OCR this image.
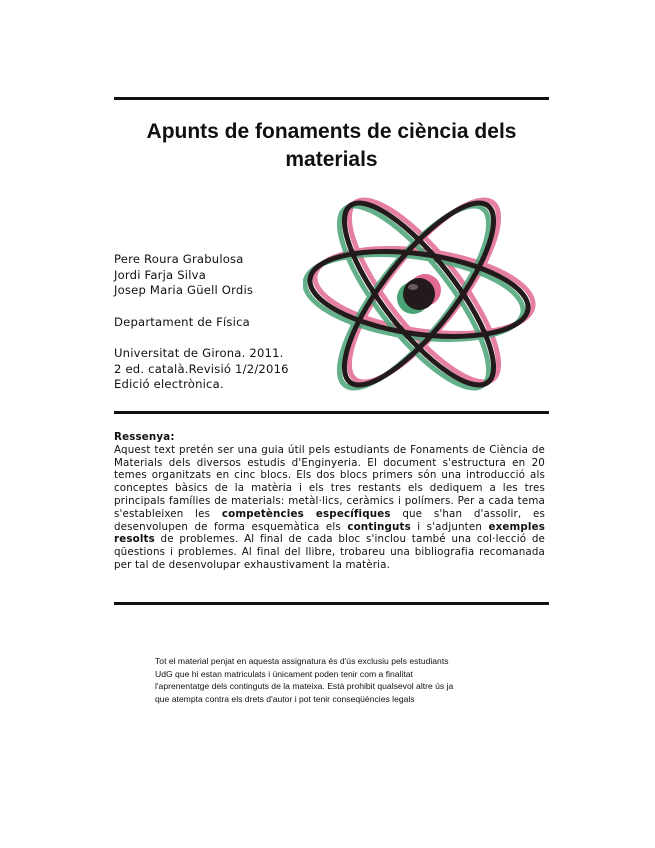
Apunts de fonaments de ciència dels materials
Pere Roura Grabulosa
Jordi Farja Silva
Josep Maria Güell Ordis
Departament de Física
Universitat de Girona. 2011.
2 ed. català.Revisió 1/2/2016
Edició electrònica.
Ressenya:
Aquest text pretén ser una guia útil pels estudiants de Fonaments de Ciència de Materials dels diversos estudis d'Enginyeria. El document s'estructura en 20 temes organitzats en cinc blocs. Els dos blocs primers són una introducció als conceptes bàsics de la matèria i els tres restants els dediquem a les tres principals famílies de materials: metàl·lics, ceràmics i polímers. Per a cada tema s'estableixen les competències específiques que s'han d'assolir, es desenvolupen de forma esquemàtica els continguts i s'adjunten exemples resolts de problemes. Al final de cada bloc s'inclou també una col·lecció de qüestions i problemes. Al final del llibre, trobareu una bibliografia recomanada per tal de desenvolupar exhaustivament la matèria.
Tot el material penjat en aquesta assignatura és d'ús exclusiu pels estudiants UdG que hi estan matriculats i únicament poden tenir com a finalitat l'aprenentatge dels continguts de la mateixa. Està prohibit qualsevol altre ús ja que atempta contra els drets d'autor i pot tenir conseqüències legals
